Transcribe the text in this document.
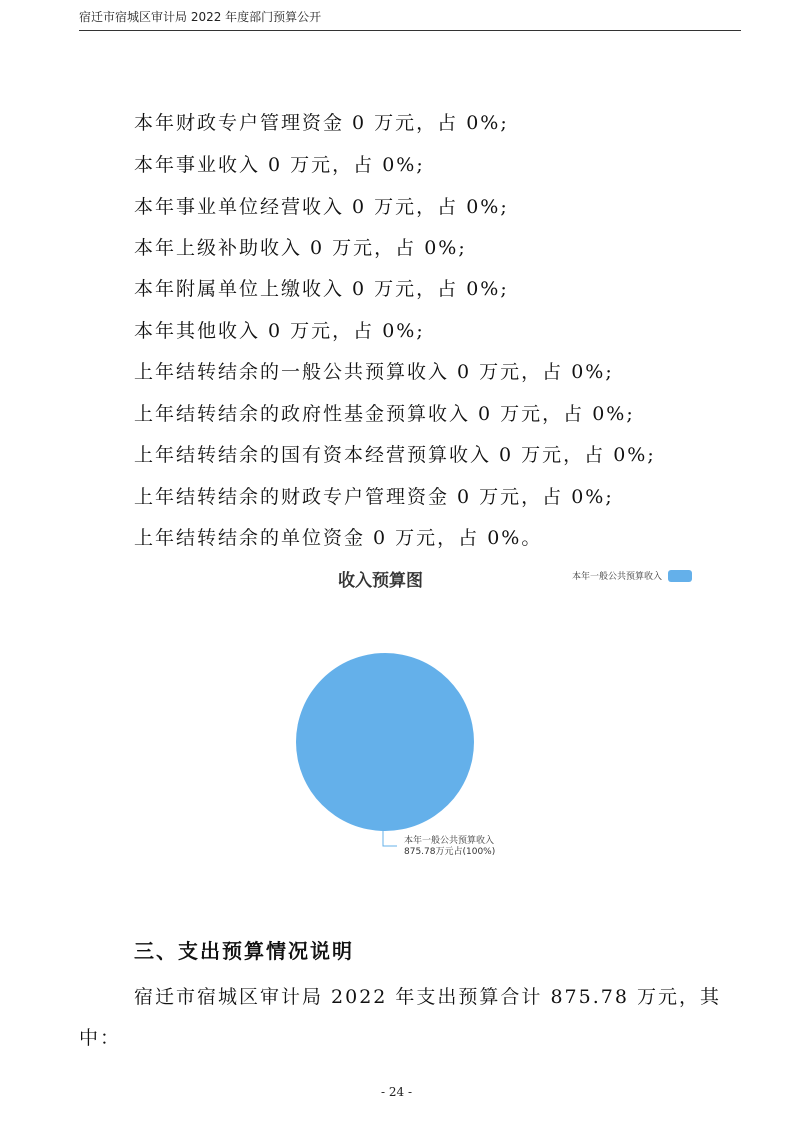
宿迁市宿城区审计局 2022 年度部门预算公开
本年财政专户管理资金 0 万元，占 0%;
本年事业收入 0 万元，占 0%;
本年事业单位经营收入 0 万元，占 0%;
本年上级补助收入 0 万元，占 0%;
本年附属单位上缴收入 0 万元，占 0%;
本年其他收入 0 万元，占 0%;
上年结转结余的一般公共预算收入 0 万元，占 0%;
上年结转结余的政府性基金预算收入 0 万元，占 0%;
上年结转结余的国有资本经营预算收入 0 万元，占 0%;
上年结转结余的财政专户管理资金 0 万元，占 0%;
上年结转结余的单位资金 0 万元，占 0%。
收入预算图	本年一般公共预算收入
本年一般公共预算收入
875.78万元占(100%)
三、支出预算情况说明
宿迁市宿城区审计局 2022 年支出预算合计 875.78 万元，其
中：
- 24 -
